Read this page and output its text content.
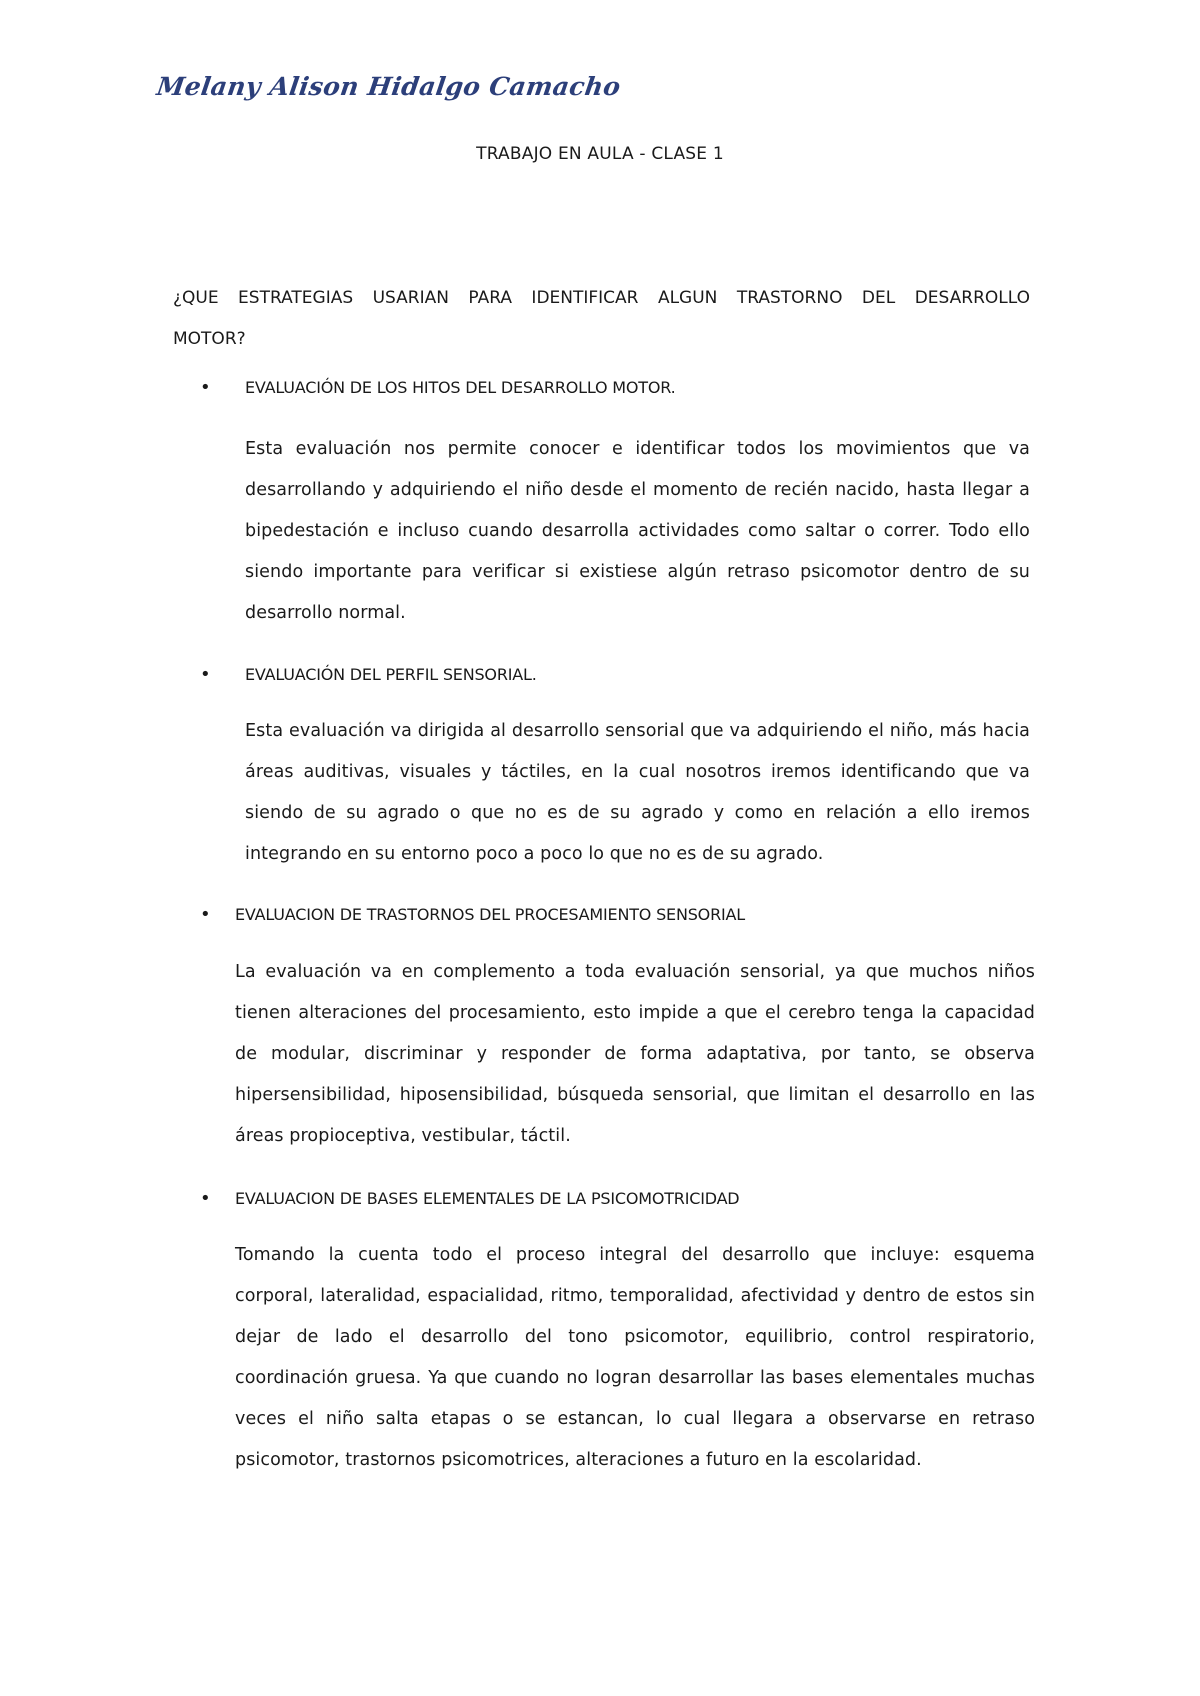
Melany Alison Hidalgo Camacho
TRABAJO EN AULA - CLASE 1
¿QUE ESTRATEGIAS USARIAN PARA IDENTIFICAR ALGUN TRASTORNO DEL DESARROLLO MOTOR?
• EVALUACIÓN DE LOS HITOS DEL DESARROLLO MOTOR.
Esta evaluación nos permite conocer e identificar todos los movimientos que va
desarrollando y adquiriendo el niño desde el momento de recién nacido, hasta llegar a
bipedestación e incluso cuando desarrolla actividades como saltar o correr. Todo ello
siendo importante para verificar si existiese algún retraso psicomotor dentro de su
desarrollo normal.
• EVALUACIÓN DEL PERFIL SENSORIAL.
Esta evaluación va dirigida al desarrollo sensorial que va adquiriendo el niño, más hacia
áreas auditivas, visuales y táctiles, en la cual nosotros iremos identificando que va
siendo de su agrado o que no es de su agrado y como en relación a ello iremos
integrando en su entorno poco a poco lo que no es de su agrado.
• EVALUACION DE TRASTORNOS DEL PROCESAMIENTO SENSORIAL
La evaluación va en complemento a toda evaluación sensorial, ya que muchos niños
tienen alteraciones del procesamiento, esto impide a que el cerebro tenga la capacidad
de modular, discriminar y responder de forma adaptativa, por tanto, se observa
hipersensibilidad, hiposensibilidad, búsqueda sensorial, que limitan el desarrollo en las
áreas propioceptiva, vestibular, táctil.
• EVALUACION DE BASES ELEMENTALES DE LA PSICOMOTRICIDAD
Tomando la cuenta todo el proceso integral del desarrollo que incluye: esquema
corporal, lateralidad, espacialidad, ritmo, temporalidad, afectividad y dentro de estos sin
dejar de lado el desarrollo del tono psicomotor, equilibrio, control respiratorio,
coordinación gruesa. Ya que cuando no logran desarrollar las bases elementales muchas
veces el niño salta etapas o se estancan, lo cual llegara a observarse en retraso
psicomotor, trastornos psicomotrices, alteraciones a futuro en la escolaridad.
